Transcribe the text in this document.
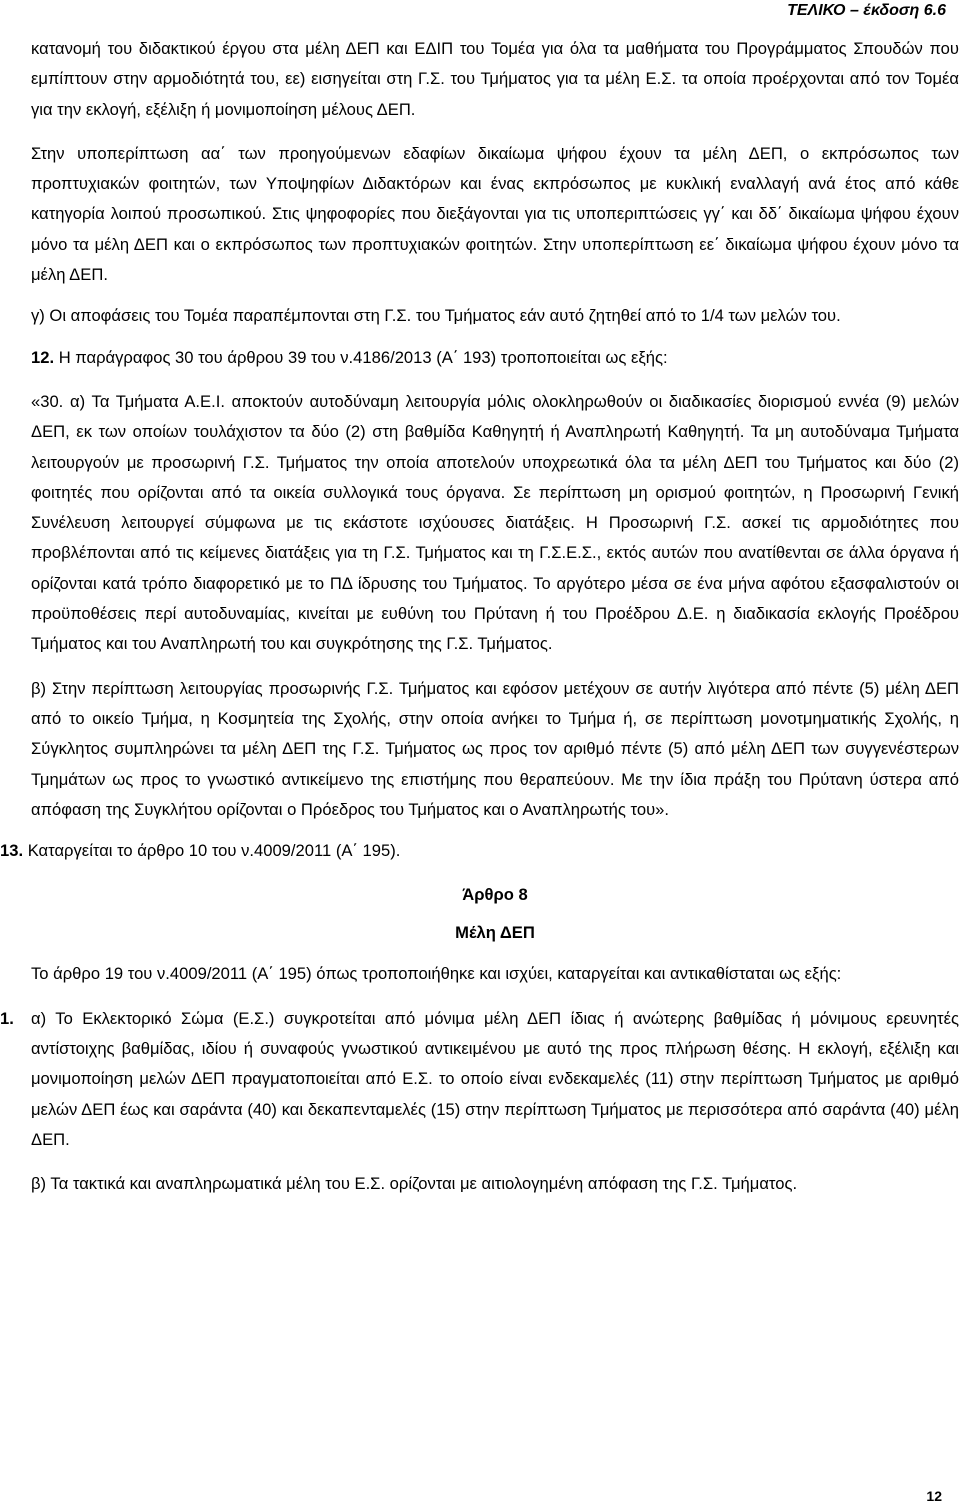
ΤΕΛΙΚΟ – έκδοση 6.6

κατανομή του διδακτικού έργου στα μέλη ΔΕΠ και ΕΔΙΠ του Τομέα για όλα τα μαθήματα του Προγράμματος Σπουδών που εμπίπτουν στην αρμοδιότητά του, εε) εισηγείται στη Γ.Σ. του Τμήματος για τα μέλη Ε.Σ. τα οποία προέρχονται από τον Τομέα για την εκλογή, εξέλιξη ή μονιμοποίηση μέλους ΔΕΠ.

Στην υποπερίπτωση αα΄ των προηγούμενων εδαφίων δικαίωμα ψήφου έχουν τα μέλη ΔΕΠ, ο εκπρόσωπος των προπτυχιακών φοιτητών, των Υποψηφίων Διδακτόρων και ένας εκπρόσωπος με κυκλική εναλλαγή ανά έτος από κάθε κατηγορία λοιπού προσωπικού. Στις ψηφοφορίες που διεξάγονται για τις υποπεριπτώσεις γγ΄ και δδ΄ δικαίωμα ψήφου έχουν μόνο τα μέλη ΔΕΠ και ο εκπρόσωπος των προπτυχιακών φοιτητών. Στην υποπερίπτωση εε΄ δικαίωμα ψήφου έχουν μόνο τα μέλη ΔΕΠ.

γ) Οι αποφάσεις του Τομέα παραπέμπονται στη Γ.Σ. του Τμήματος εάν αυτό ζητηθεί από το 1/4 των μελών του.

12. Η παράγραφος 30 του άρθρου 39 του ν.4186/2013 (Α΄ 193) τροποποιείται ως εξής:

«30. α) Τα Τμήματα Α.Ε.Ι. αποκτούν αυτοδύναμη λειτουργία μόλις ολοκληρωθούν οι διαδικασίες διορισμού εννέα (9) μελών ΔΕΠ, εκ των οποίων τουλάχιστον τα δύο (2) στη βαθμίδα Καθηγητή ή Αναπληρωτή Καθηγητή. Τα μη αυτοδύναμα Τμήματα λειτουργούν με προσωρινή Γ.Σ. Τμήματος την οποία αποτελούν υποχρεωτικά όλα τα μέλη ΔΕΠ του Τμήματος και δύο (2) φοιτητές που ορίζονται από τα οικεία συλλογικά τους όργανα. Σε περίπτωση μη ορισμού φοιτητών, η Προσωρινή Γενική Συνέλευση λειτουργεί σύμφωνα με τις εκάστοτε ισχύουσες διατάξεις. Η Προσωρινή Γ.Σ. ασκεί τις αρμοδιότητες που προβλέπονται από τις κείμενες διατάξεις για τη Γ.Σ. Τμήματος και τη Γ.Σ.Ε.Σ., εκτός αυτών που ανατίθενται σε άλλα όργανα ή ορίζονται κατά τρόπο διαφορετικό με το ΠΔ ίδρυσης του Τμήματος. Το αργότερο μέσα σε ένα μήνα αφότου εξασφαλιστούν οι προϋποθέσεις περί αυτοδυναμίας, κινείται με ευθύνη του Πρύτανη ή του Προέδρου Δ.Ε. η διαδικασία εκλογής Προέδρου Τμήματος και του Αναπληρωτή του και συγκρότησης της Γ.Σ. Τμήματος.

β) Στην περίπτωση λειτουργίας προσωρινής Γ.Σ. Τμήματος και εφόσον μετέχουν σε αυτήν λιγότερα από πέντε (5) μέλη ΔΕΠ από το οικείο Τμήμα, η Κοσμητεία της Σχολής, στην οποία ανήκει το Τμήμα ή, σε περίπτωση μονοτμηματικής Σχολής, η Σύγκλητος συμπληρώνει τα μέλη ΔΕΠ της Γ.Σ. Τμήματος ως προς τον αριθμό πέντε (5) από μέλη ΔΕΠ των συγγενέστερων Τμημάτων ως προς το γνωστικό αντικείμενο της επιστήμης που θεραπεύουν. Με την ίδια πράξη του Πρύτανη ύστερα από απόφαση της Συγκλήτου ορίζονται ο Πρόεδρος του Τμήματος και ο Αναπληρωτής του».

13. Καταργείται το άρθρο 10 του ν.4009/2011 (Α΄ 195).

Άρθρο 8

Μέλη ΔΕΠ

Το άρθρο 19 του ν.4009/2011 (Α΄ 195) όπως τροποποιήθηκε και ισχύει, καταργείται και αντικαθίσταται ως εξής:

1. α) Το Εκλεκτορικό Σώμα (Ε.Σ.) συγκροτείται από μόνιμα μέλη ΔΕΠ ίδιας ή ανώτερης βαθμίδας ή μόνιμους ερευνητές αντίστοιχης βαθμίδας, ιδίου ή συναφούς γνωστικού αντικειμένου με αυτό της προς πλήρωση θέσης. Η εκλογή, εξέλιξη και μονιμοποίηση μελών ΔΕΠ πραγματοποιείται από Ε.Σ. το οποίο είναι ενδεκαμελές (11) στην περίπτωση Τμήματος με αριθμό μελών ΔΕΠ έως και σαράντα (40) και δεκαπενταμελές (15) στην περίπτωση Τμήματος με περισσότερα από σαράντα (40) μέλη ΔΕΠ.

β) Τα τακτικά και αναπληρωματικά μέλη του Ε.Σ. ορίζονται με αιτιολογημένη απόφαση της Γ.Σ. Τμήματος.

12
